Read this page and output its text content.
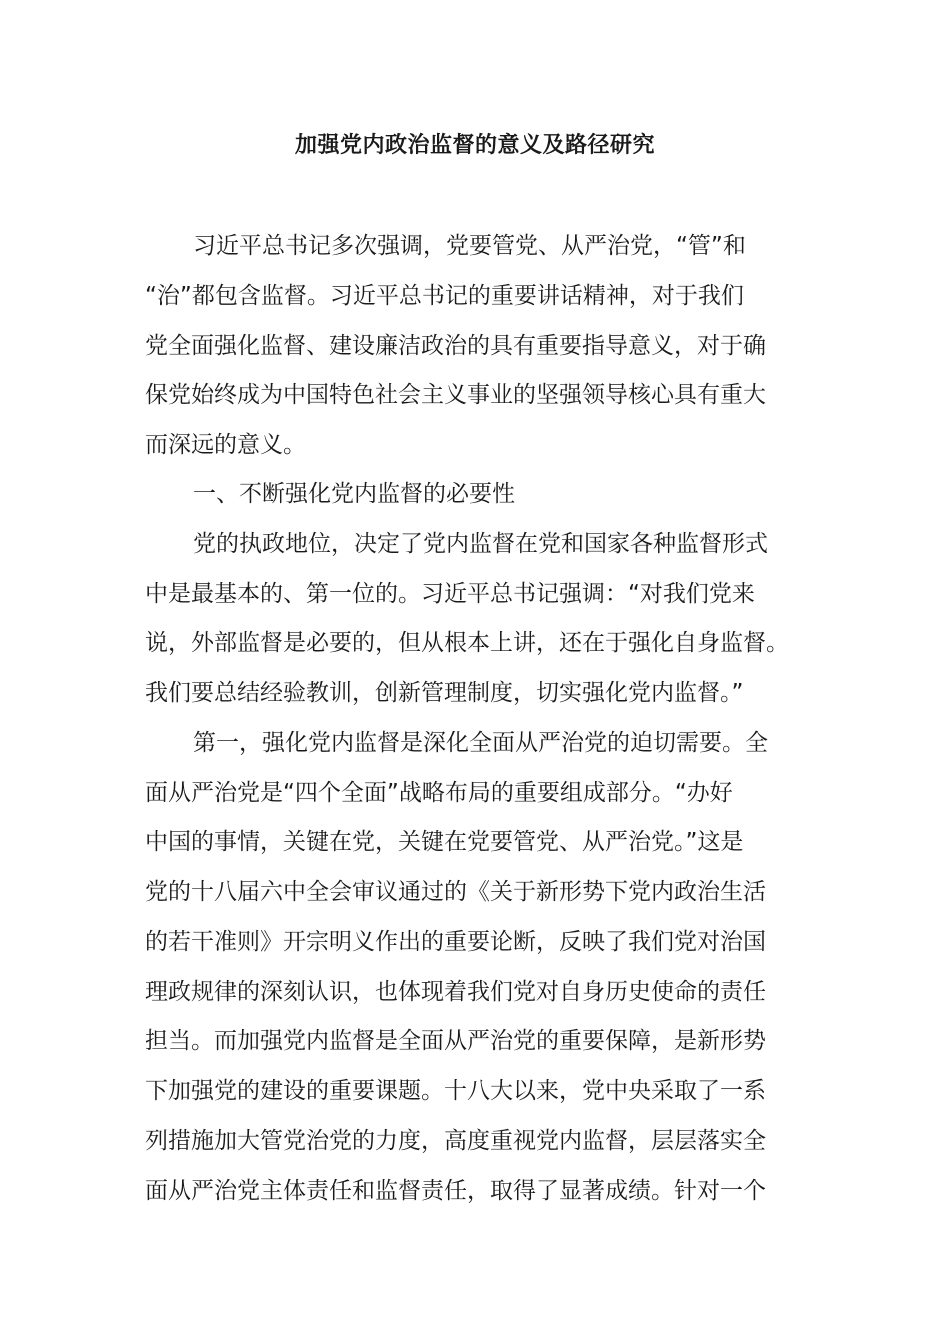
加强党内政治监督的意义及路径研究

习近平总书记多次强调，党要管党、从严治党，“管”和

“治”都包含监督。习近平总书记的重要讲话精神，对于我们

党全面强化监督、建设廉洁政治的具有重要指导意义，对于确

保党始终成为中国特色社会主义事业的坚强领导核心具有重大

而深远的意义。

一、不断强化党内监督的必要性

党的执政地位，决定了党内监督在党和国家各种监督形式

中是最基本的、第一位的。习近平总书记强调：“对我们党来

说，外部监督是必要的，但从根本上讲，还在于强化自身监督。

我们要总结经验教训，创新管理制度，切实强化党内监督。”

第一，强化党内监督是深化全面从严治党的迫切需要。全

面从严治党是“四个全面”战略布局的重要组成部分。“办好

中国的事情，关键在党，关键在党要管党、从严治党。”这是

党的十八届六中全会审议通过的《关于新形势下党内政治生活

的若干准则》开宗明义作出的重要论断，反映了我们党对治国

理政规律的深刻认识，也体现着我们党对自身历史使命的责任

担当。而加强党内监督是全面从严治党的重要保障，是新形势

下加强党的建设的重要课题。十八大以来，党中央采取了一系

列措施加大管党治党的力度，高度重视党内监督，层层落实全

面从严治党主体责任和监督责任，取得了显著成绩。针对一个
